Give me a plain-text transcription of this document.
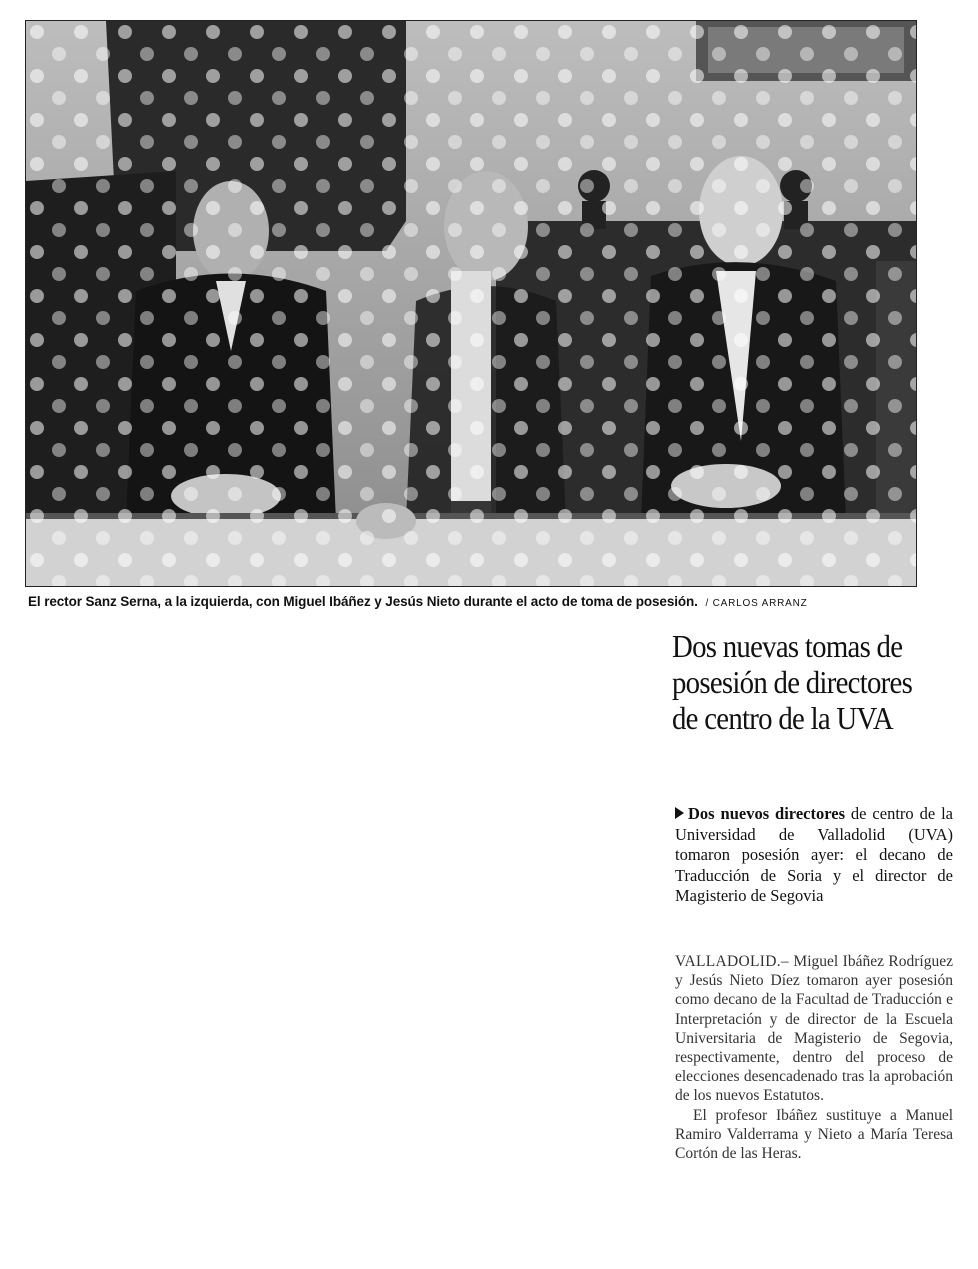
El rector Sanz Serna, a la izquierda, con Miguel Ibáñez y Jesús Nieto durante el acto de toma de posesión. / CARLOS ARRANZ
Dos nuevas tomas de posesión de directores de centro de la UVA

Dos nuevos directores de centro de la Universidad de Valladolid (UVA) tomaron posesión ayer: el decano de Traducción de Soria y el director de Magisterio de Segovia

VALLADOLID.– Miguel Ibáñez Rodríguez y Jesús Nieto Díez tomaron ayer posesión como decano de la Facultad de Traducción e Interpretación y de director de la Escuela Universitaria de Magisterio de Segovia, respectivamente, dentro del proceso de elecciones desencadenado tras la aprobación de los nuevos Estatutos.

El profesor Ibáñez sustituye a Manuel Ramiro Valderrama y Nieto a María Teresa Cortón de las Heras.
